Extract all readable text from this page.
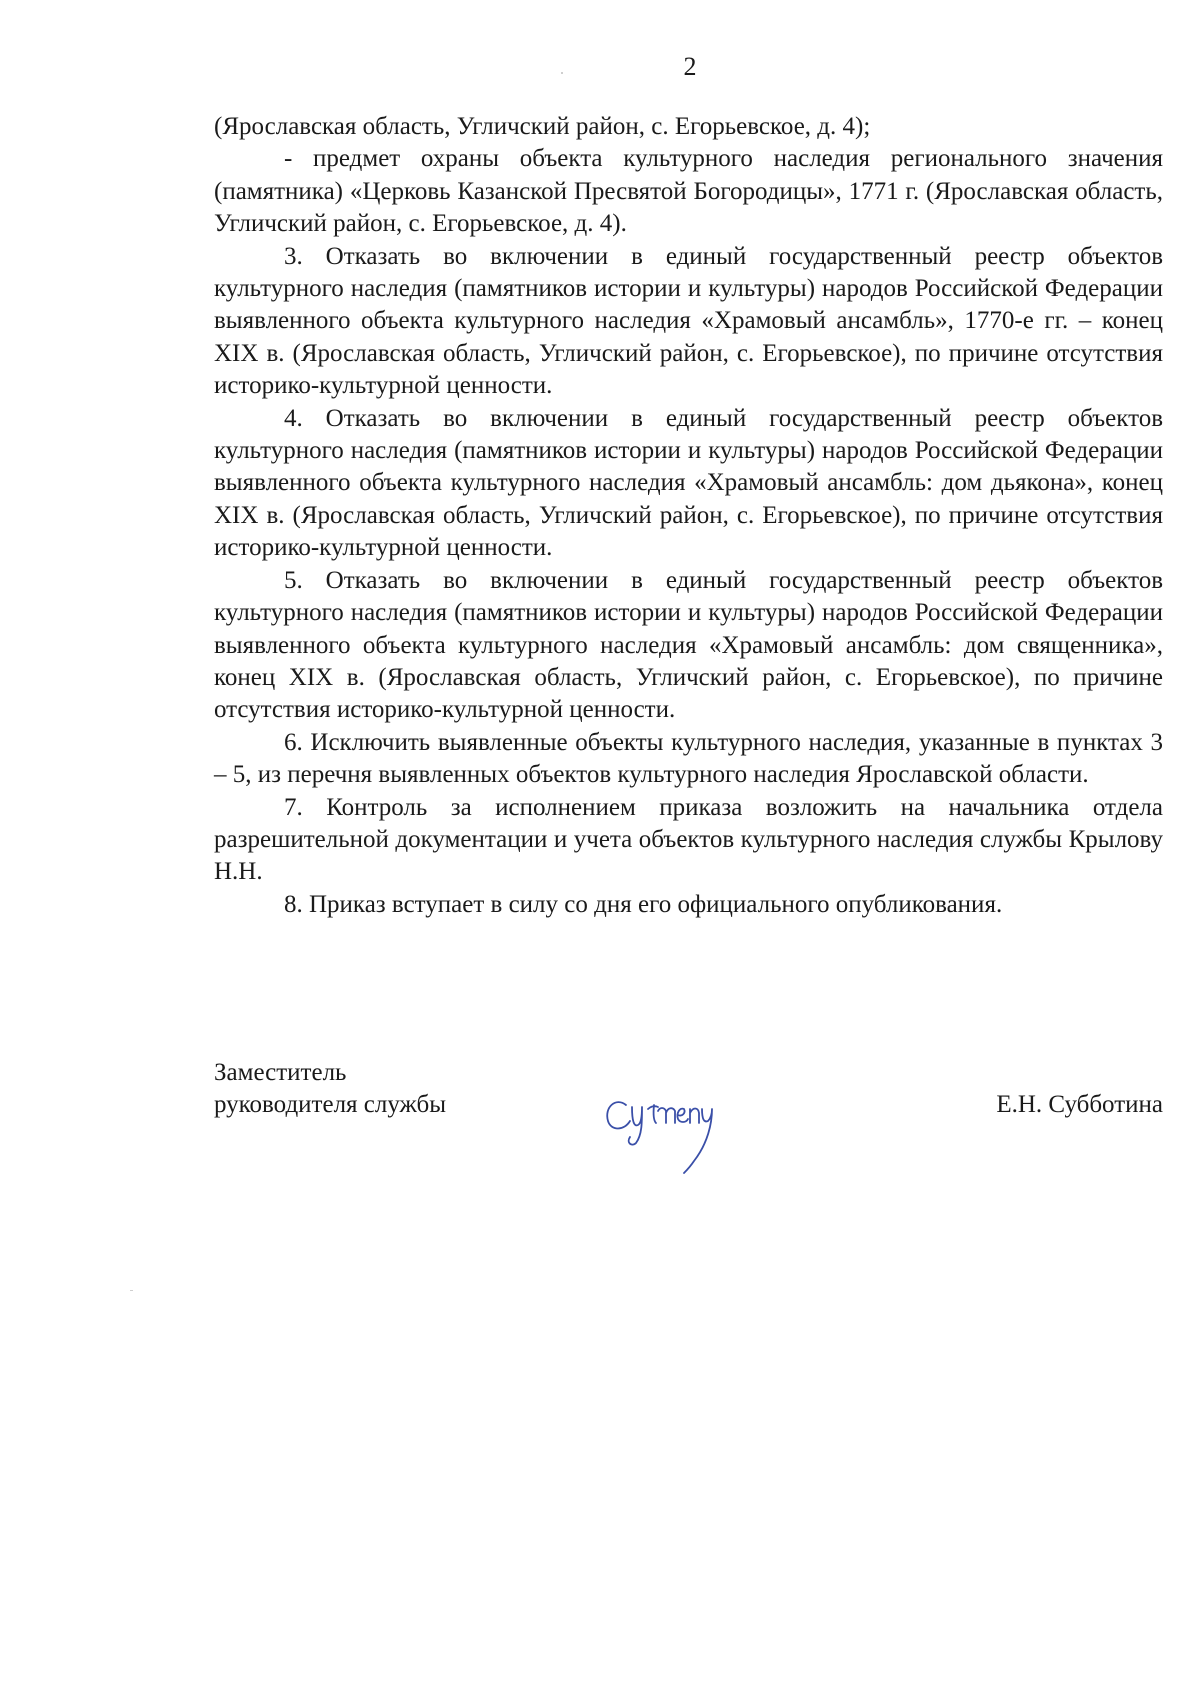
2

(Ярославская область, Угличский район, с. Егорьевское, д. 4);

- предмет охраны объекта культурного наследия регионального значения (памятника) «Церковь Казанской Пресвятой Богородицы», 1771 г. (Ярославская область, Угличский район, с. Егорьевское, д. 4).

3. Отказать во включении в единый государственный реестр объектов культурного наследия (памятников истории и культуры) народов Российской Федерации выявленного объекта культурного наследия «Храмовый ансамбль», 1770-е гг. – конец XIX в. (Ярославская область, Угличский район, с. Егорьевское), по причине отсутствия историко-культурной ценности.

4. Отказать во включении в единый государственный реестр объектов культурного наследия (памятников истории и культуры) народов Российской Федерации выявленного объекта культурного наследия «Храмовый ансамбль: дом дьякона», конец XIX в. (Ярославская область, Угличский район, с. Егорьевское), по причине отсутствия историко-культурной ценности.

5. Отказать во включении в единый государственный реестр объектов культурного наследия (памятников истории и культуры) народов Российской Федерации выявленного объекта культурного наследия «Храмовый ансамбль: дом священника», конец XIX в. (Ярославская область, Угличский район, с. Егорьевское), по причине отсутствия историко-культурной ценности.

6. Исключить выявленные объекты культурного наследия, указанные в пунктах 3 – 5, из перечня выявленных объектов культурного наследия Ярославской области.

7. Контроль за исполнением приказа возложить на начальника отдела разрешительной документации и учета объектов культурного наследия службы Крылову Н.Н.

8. Приказ вступает в силу со дня его официального опубликования.

Заместитель
руководителя службы	Е.Н. Субботина
